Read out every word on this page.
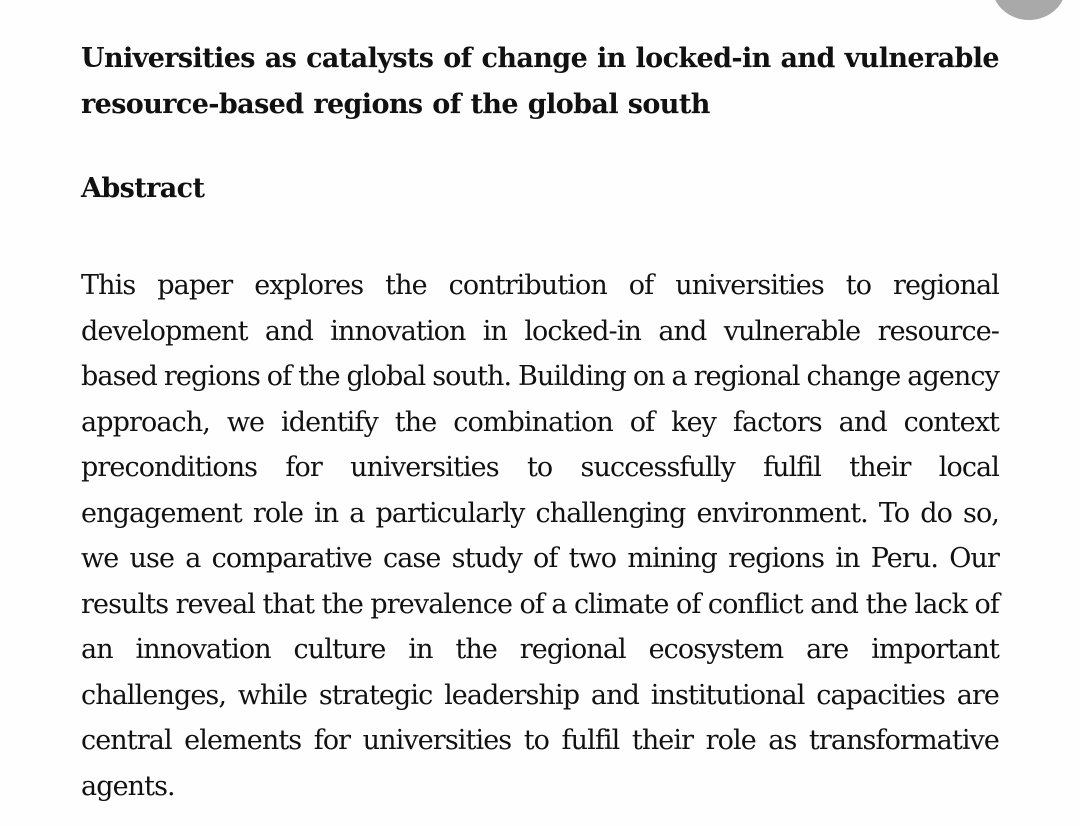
Universities as catalysts of change in locked-in and vulnerable resource-based regions of the global south
Abstract

This paper explores the contribution of universities to regional development and innovation in locked-in and vulnerable resource-based regions of the global south. Building on a regional change agency approach, we identify the combination of key factors and context preconditions for universities to successfully fulfil their local engagement role in a particularly challenging environment. To do so, we use a comparative case study of two mining regions in Peru. Our results reveal that the prevalence of a climate of conflict and the lack of an innovation culture in the regional ecosystem are important challenges, while strategic leadership and institutional capacities are central elements for universities to fulfil their role as transformative agents.
